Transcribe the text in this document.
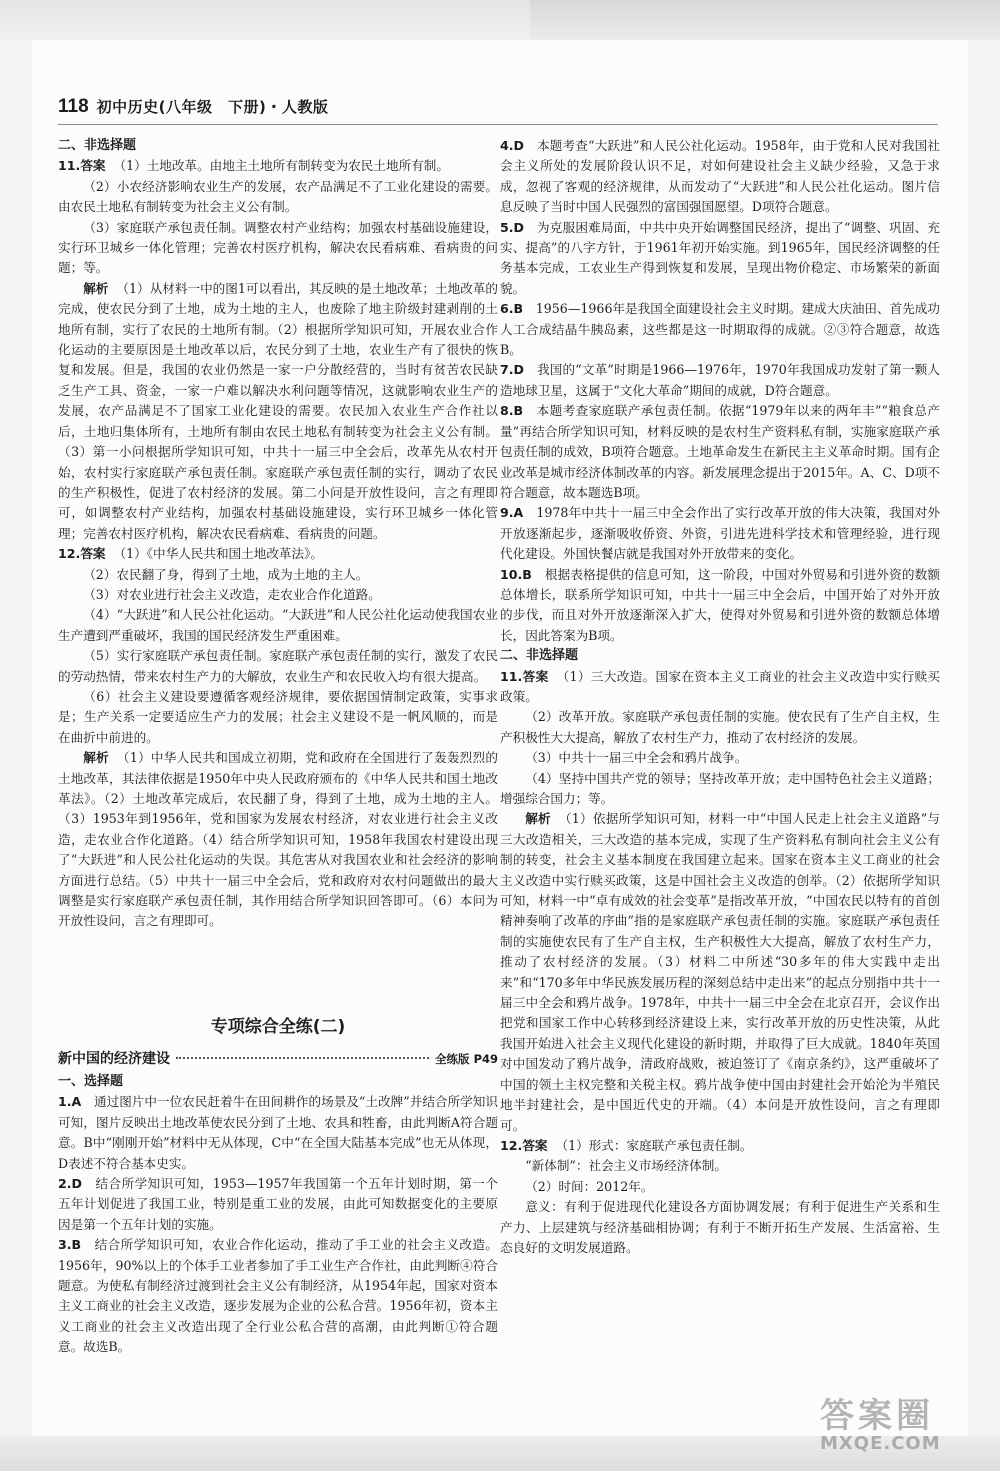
118 初中历史(八年级　下册)・人教版
二、非选择题
11.答案 （1）土地改革。由地主土地所有制转变为农民土地所有制。
（2）小农经济影响农业生产的发展，农产品满足不了工业化建设的需要。由农民土地私有制转变为社会主义公有制。
（3）家庭联产承包责任制。调整农村产业结构；加强农村基础设施建设，实行环卫城乡一体化管理；完善农村医疗机构，解决农民看病难、看病贵的问题；等。
解析 （1）从材料一中的图1可以看出，其反映的是土地改革；土地改革的完成，使农民分到了土地，成为土地的主人，也废除了地主阶级封建剥削的土地所有制，实行了农民的土地所有制。（2）根据所学知识可知，开展农业合作化运动的主要原因是土地改革以后，农民分到了土地，农业生产有了很快的恢复和发展。但是，我国的农业仍然是一家一户分散经营的，当时有贫苦农民缺乏生产工具、资金，一家一户难以解决水利问题等情况，这就影响农业生产的发展，农产品满足不了国家工业化建设的需要。农民加入农业生产合作社以后，土地归集体所有，土地所有制由农民土地私有制转变为社会主义公有制。（3）第一小问根据所学知识可知，中共十一届三中全会后，改革先从农村开始，农村实行家庭联产承包责任制。家庭联产承包责任制的实行，调动了农民的生产积极性，促进了农村经济的发展。第二小问是开放性设问，言之有理即可，如调整农村产业结构，加强农村基础设施建设，实行环卫城乡一体化管理；完善农村医疗机构，解决农民看病难、看病贵的问题。
12.答案 （1）《中华人民共和国土地改革法》。
（2）农民翻了身，得到了土地，成为土地的主人。
（3）对农业进行社会主义改造，走农业合作化道路。
（4）“大跃进”和人民公社化运动。“大跃进”和人民公社化运动使我国农业生产遭到严重破坏，我国的国民经济发生严重困难。
（5）实行家庭联产承包责任制。家庭联产承包责任制的实行，激发了农民的劳动热情，带来农村生产力的大解放，农业生产和农民收入均有很大提高。
（6）社会主义建设要遵循客观经济规律，要依据国情制定政策，实事求是；生产关系一定要适应生产力的发展；社会主义建设不是一帆风顺的，而是在曲折中前进的。
解析 （1）中华人民共和国成立初期，党和政府在全国进行了轰轰烈烈的土地改革，其法律依据是1950年中央人民政府颁布的《中华人民共和国土地改革法》。（2）土地改革完成后，农民翻了身，得到了土地，成为土地的主人。（3）1953年到1956年，党和国家为发展农村经济，对农业进行社会主义改造，走农业合作化道路。（4）结合所学知识可知，1958年我国农村建设出现了“大跃进”和人民公社化运动的失误。其危害从对我国农业和社会经济的影响方面进行总结。（5）中共十一届三中全会后，党和政府对农村问题做出的最大调整是实行家庭联产承包责任制，其作用结合所学知识回答即可。（6）本问为开放性设问，言之有理即可。
专项综合全练(二)
新中国的经济建设	全练版 P49
一、选择题
1.A　 通过图片中一位农民赶着牛在田间耕作的场景及“土改牌”并结合所学知识可知，图片反映出土地改革使农民分到了土地、农具和牲畜，由此判断A符合题意。B中“刚刚开始”材料中无从体现，C中“在全国大陆基本完成”也无从体现，D表述不符合基本史实。
2.D　 结合所学知识可知，1953—1957年我国第一个五年计划时期，第一个五年计划促进了我国工业，特别是重工业的发展，由此可知数据变化的主要原因是第一个五年计划的实施。
3.B　 结合所学知识可知，农业合作化运动，推动了手工业的社会主义改造。1956年，90%以上的个体手工业者参加了手工业生产合作社，由此判断④符合题意。为使私有制经济过渡到社会主义公有制经济，从1954年起，国家对资本主义工商业的社会主义改造，逐步发展为企业的公私合营。1956年初，资本主义工商业的社会主义改造出现了全行业公私合营的高潮，由此判断①符合题意。故选B。
4.D　 本题考查“大跃进”和人民公社化运动。1958年，由于党和人民对我国社会主义所处的发展阶段认识不足，对如何建设社会主义缺少经验，又急于求成，忽视了客观的经济规律，从而发动了“大跃进”和人民公社化运动。图片信息反映了当时中国人民强烈的富国强国愿望。D项符合题意。
5.D　 为克服困难局面，中共中央开始调整国民经济，提出了“调整、巩固、充实、提高”的八字方针，于1961年初开始实施。到1965年，国民经济调整的任务基本完成，工农业生产得到恢复和发展，呈现出物价稳定、市场繁荣的新面貌。
6.B　 1956—1966年是我国全面建设社会主义时期。建成大庆油田、首先成功人工合成结晶牛胰岛素，这些都是这一时期取得的成就。②③符合题意，故选B。
7.D　 我国的“文革”时期是1966—1976年，1970年我国成功发射了第一颗人造地球卫星，这属于“文化大革命”期间的成就，D符合题意。
8.B　 本题考查家庭联产承包责任制。依据“1979年以来的两年丰”“粮食总产量”再结合所学知识可知，材料反映的是农村生产资料私有制，实施家庭联产承包责任制的成效，B项符合题意。土地革命发生在新民主主义革命时期。国有企业改革是城市经济体制改革的内容。新发展理念提出于2015年。A、C、D项不符合题意，故本题选B项。
9.A　 1978年中共十一届三中全会作出了实行改革开放的伟大决策，我国对外开放逐渐起步，逐渐吸收侨资、外资，引进先进科学技术和管理经验，进行现代化建设。外国快餐店就是我国对外开放带来的变化。
10.B　 根据表格提供的信息可知，这一阶段，中国对外贸易和引进外资的数额总体增长，联系所学知识可知，中共十一届三中全会后，中国开始了对外开放的步伐，而且对外开放逐渐深入扩大，使得对外贸易和引进外资的数额总体增长，因此答案为B项。
二、非选择题
11.答案 （1）三大改造。国家在资本主义工商业的社会主义改造中实行赎买政策。
（2）改革开放。家庭联产承包责任制的实施。使农民有了生产自主权，生产积极性大大提高，解放了农村生产力，推动了农村经济的发展。
（3）中共十一届三中全会和鸦片战争。
（4）坚持中国共产党的领导；坚持改革开放；走中国特色社会主义道路；增强综合国力；等。
解析 （1）依据所学知识可知，材料一中“中国人民走上社会主义道路”与三大改造相关，三大改造的基本完成，实现了生产资料私有制向社会主义公有制的转变，社会主义基本制度在我国建立起来。国家在资本主义工商业的社会主义改造中实行赎买政策，这是中国社会主义改造的创举。（2）依据所学知识可知，材料一中“卓有成效的社会变革”是指改革开放，“中国农民以特有的首创精神奏响了改革的序曲”指的是家庭联产承包责任制的实施。家庭联产承包责任制的实施使农民有了生产自主权，生产积极性大大提高，解放了农村生产力，推动了农村经济的发展。（3）材料二中所述“30多年的伟大实践中走出来”和“170多年中华民族发展历程的深刻总结中走出来”的起点分别指中共十一届三中全会和鸦片战争。1978年，中共十一届三中全会在北京召开，会议作出把党和国家工作中心转移到经济建设上来，实行改革开放的历史性决策，从此我国开始进入社会主义现代化建设的新时期，并取得了巨大成就。1840年英国对中国发动了鸦片战争，清政府战败，被迫签订了《南京条约》，这严重破坏了中国的领土主权完整和关税主权。鸦片战争使中国由封建社会开始沦为半殖民地半封建社会，是中国近代史的开端。（4）本问是开放性设问，言之有理即可。
12.答案 （1）形式：家庭联产承包责任制。
“新体制”：社会主义市场经济体制。
（2）时间：2012年。
意义：有利于促进现代化建设各方面协调发展；有利于促进生产关系和生产力、上层建筑与经济基础相协调；有利于不断开拓生产发展、生活富裕、生态良好的文明发展道路。
答案圈
MXQE.COM
